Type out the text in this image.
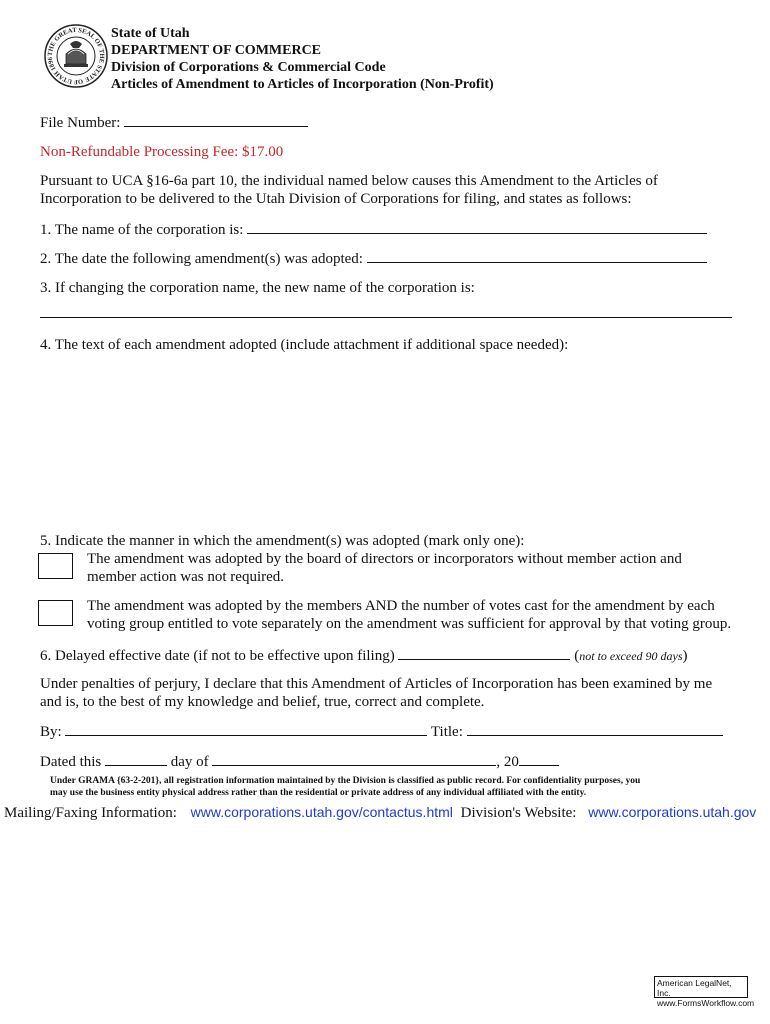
THE GREAT SEAL OF THE STATE OF UTAH 1896
State of Utah
DEPARTMENT OF COMMERCE
Division of Corporations & Commercial Code
Articles of Amendment to Articles of Incorporation (Non-Profit)
File Number:
Non-Refundable Processing Fee: $17.00
Pursuant to UCA §16-6a part 10, the individual named below causes this Amendment to the Articles of
Incorporation to be delivered to the Utah Division of Corporations for filing, and states as follows:
1. The name of the corporation is:
2. The date the following amendment(s) was adopted:
3. If changing the corporation name, the new name of the corporation is:
4. The text of each amendment adopted (include attachment if additional space needed):
5. Indicate the manner in which the amendment(s) was adopted (mark only one):
The amendment was adopted by the board of directors or incorporators without member action and
member action was not required.
The amendment was adopted by the members AND the number of votes cast for the amendment by each
voting group entitled to vote separately on the amendment was sufficient for approval by that voting group.
6. Delayed effective date (if not to be effective upon filing)	(not to exceed 90 days)
Under penalties of perjury, I declare that this Amendment of Articles of Incorporation has been examined by me
and is, to the best of my knowledge and belief, true, correct and complete.
By:	Title:
Dated this	day of	, 20
Under GRAMA {63-2-201}, all registration information maintained by the Division is classified as public record. For confidentiality purposes, you
may use the business entity physical address rather than the residential or private address of any individual affiliated with the entity.
Mailing/Faxing Information: www.corporations.utah.gov/contactus.html Division's Website: www.corporations.utah.gov
American LegalNet, Inc.
www.FormsWorkflow.com
